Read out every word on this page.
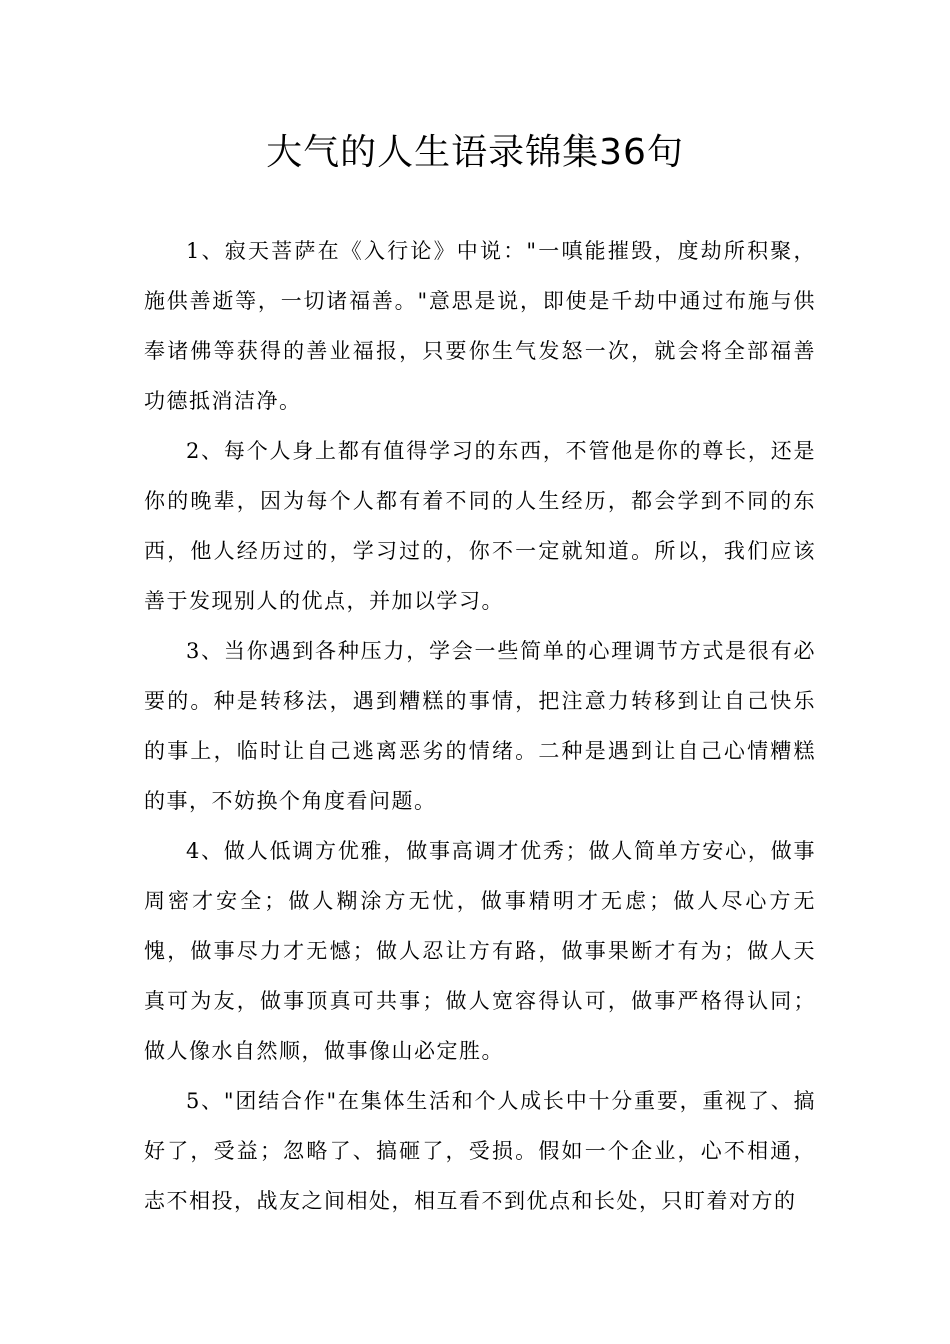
大气的人生语录锦集36句

1、寂天菩萨在《入行论》中说："一嗔能摧毁，度劫所积聚，施供善逝等，一切诸福善。"意思是说，即使是千劫中通过布施与供奉诸佛等获得的善业福报，只要你生气发怒一次，就会将全部福善功德抵消洁净。

2、每个人身上都有值得学习的东西，不管他是你的尊长，还是你的晚辈，因为每个人都有着不同的人生经历，都会学到不同的东西，他人经历过的，学习过的，你不一定就知道。所以，我们应该善于发现别人的优点，并加以学习。

3、当你遇到各种压力，学会一些简单的心理调节方式是很有必要的。种是转移法，遇到糟糕的事情，把注意力转移到让自己快乐的事上，临时让自己逃离恶劣的情绪。二种是遇到让自己心情糟糕的事，不妨换个角度看问题。

4、做人低调方优雅，做事高调才优秀；做人简单方安心，做事周密才安全；做人糊涂方无忧，做事精明才无虑；做人尽心方无愧，做事尽力才无憾；做人忍让方有路，做事果断才有为；做人天真可为友，做事顶真可共事；做人宽容得认可，做事严格得认同；做人像水自然顺，做事像山必定胜。

5、"团结合作"在集体生活和个人成长中十分重要，重视了、搞好了，受益；忽略了、搞砸了，受损。假如一个企业，心不相通，志不相投，战友之间相处，相互看不到优点和长处，只盯着对方的
